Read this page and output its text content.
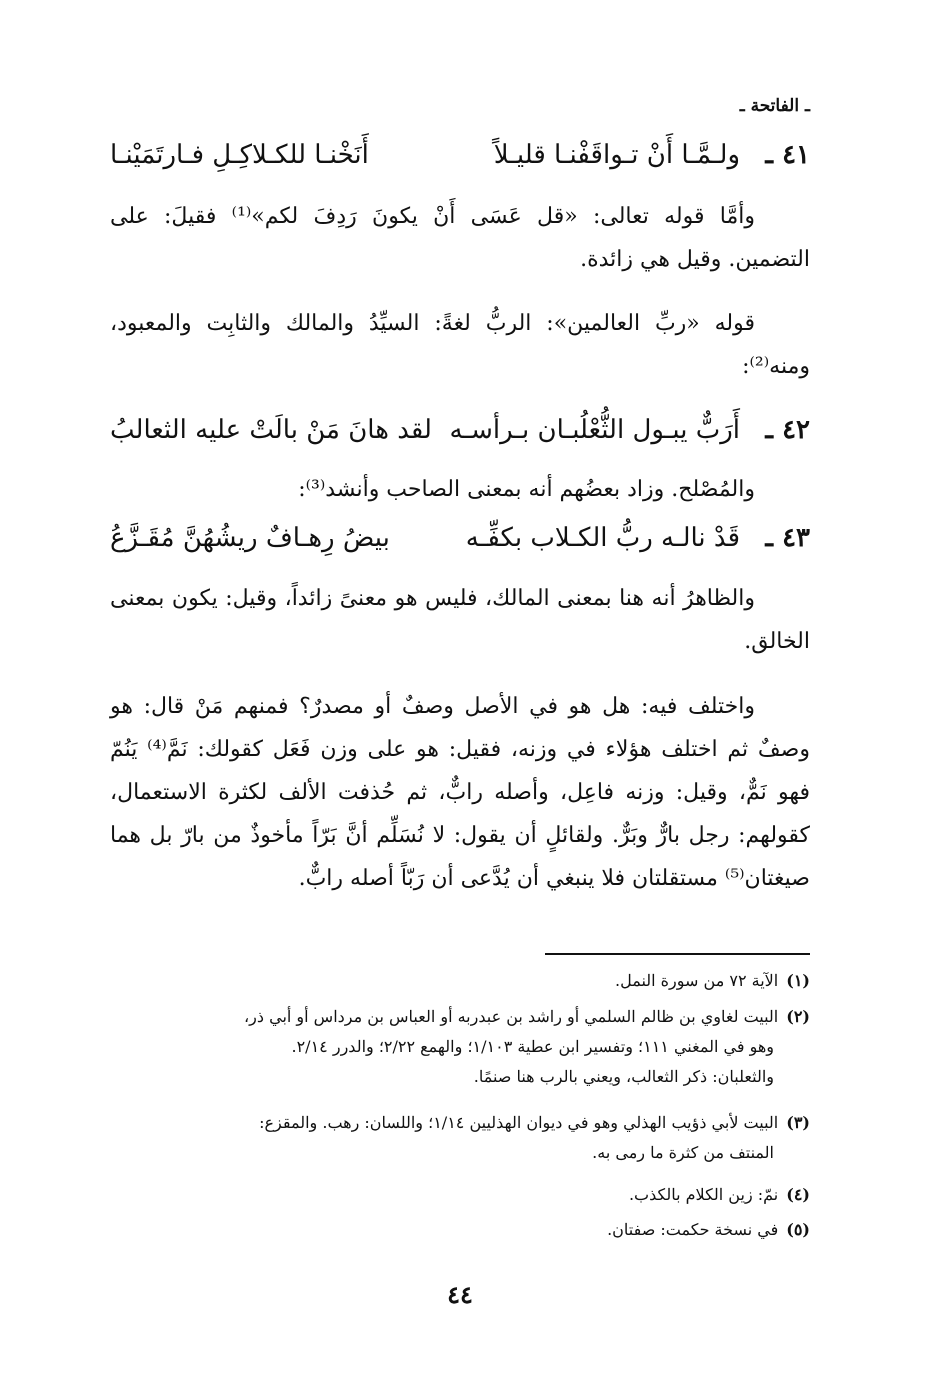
ـ الفاتحة ـ
٤١ ـ
ولـمَّـا أَنْ تـواقَفْنـا قليـلاً
أَنَخْنـا للكـلاكِـلِ فـارتَمَيْنـا

وأمَّا قوله تعالى: «قل عَسَى أَنْ يكونَ رَدِفَ لكم»⁽¹⁾ فقيلَ: على التضمين. وقيل هي زائدة.

قوله «ربِّ العالمين»: الربُّ لغةً: السيِّدُ والمالك والثابِت والمعبود، ومنه⁽²⁾:

٤٢ ـ
أَرَبٌّ يبـول الثُّعْلُبـان بـرأسـه
لقد هانَ مَنْ بالَتْ عليه الثعالبُ

والمُصْلح. وزاد بعضُهم أنه بمعنى الصاحب وأنشد⁽³⁾:

٤٣ ـ
قَدْ نالـه ربُّ الكـلاب بكفِّـه
بيضُ رِهـافٌ ريشُهُنَّ مُقَـزَّعُ

والظاهرُ أنه هنا بمعنى المالك، فليس هو معنىً زائداً، وقيل: يكون بمعنى الخالق.

واختلف فيه: هل هو في الأصل وصفٌ أو مصدرٌ؟ فمنهم مَنْ قال: هو وصفٌ ثم اختلف هؤلاء في وزنه، فقيل: هو على وزن فَعَل كقولك: نَمَّ⁽⁴⁾ يَنُمّ فهو نَمٌّ، وقيل: وزنه فاعِل، وأصله رابٌّ، ثم حُذفت الألف لكثرة الاستعمال، كقولهم: رجل بارٌّ وبَرٌّ. ولقائلٍ أن يقول: لا نُسَلِّم أنَّ بَرّاً مأخوذٌ من بارّ بل هما صيغتان⁽⁵⁾ مستقلتان فلا ينبغي أن يُدَّعى أن رَبّاً أصله رابٌّ.

(١)الآية ٧٢ من سورة النمل.

(٢)البيت لغاوي بن ظالم السلمي أو راشد بن عبدربه أو العباس بن مرداس أو أبي ذر،
وهو في المغني ١١١؛ وتفسير ابن عطية ١/١٠٣؛ والهمع ٢/٢٢؛ والدرر ٢/١٤.
والثعلبان: ذكر الثعالب، ويعني بالرب هنا صنمًا.

(٣)البيت لأبي ذؤيب الهذلي وهو في ديوان الهذليين ١/١٤؛ واللسان: رهب. والمقزع:
المنتف من كثرة ما رمى به.

(٤)نمّ: زين الكلام بالكذب.

(٥)في نسخة حكمت: صفتان.

٤٤
